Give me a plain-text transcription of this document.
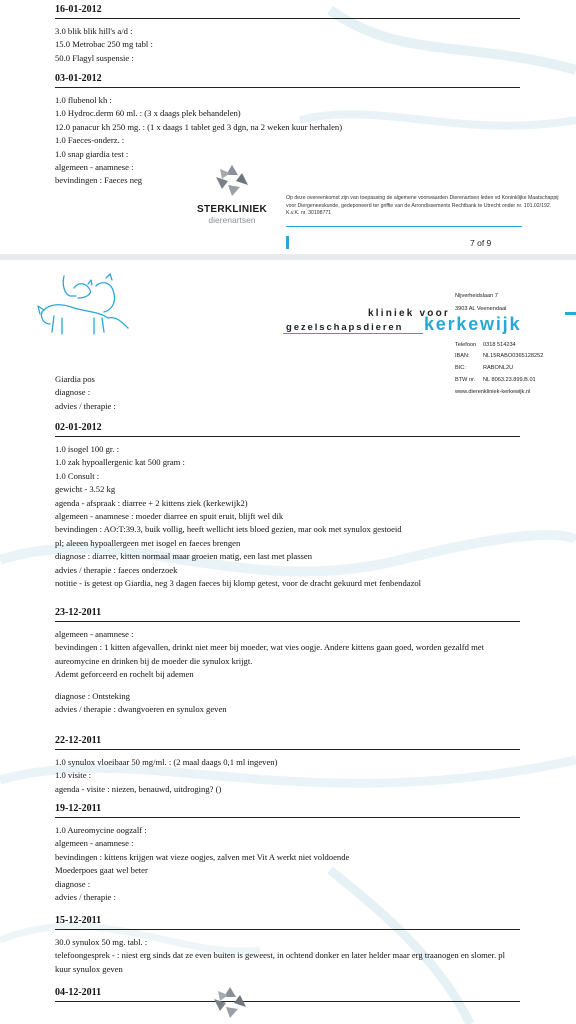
16-01-2012
3.0 blik blik hill's a/d :
15.0 Metrobac 250 mg tabl :
50.0 Flagyl suspensie :
03-01-2012
1.0 flubenol kh :
1.0 Hydroc.derm 60 ml. : (3 x daags plek behandelen)
12.0 panacur kh 250 mg. : (1 x daags 1 tablet ged 3 dgn, na 2 weken kuur herhalen)
1.0 Faeces-onderz. :
1.0 snap giardia test :
algemeen - anamnese :
bevindingen : Faeces neg
STERKLINIEK
dierenartsen
Op deze overeenkomst zijn van toepassing de algemene voorwaarden Dierenartsen leden vd Koninklijke Maatschappij voor Diergeneeskunde, gedeponeerd ter griffie van de Arrondissements Rechtbank te Utrecht onder nr. 101.02/192. K.v.K. nr. 30198771
7 of 9
kliniek voor
gezelschapsdieren kerkewijk
Nijverheidslaan 7
3903 AL Veenendaal
Telefoon 0318 514234
IBAN: NL15RABO0365128252
BIC:	RABONL2U
BTW nr. NL 8063.23.899.B.01
www.dierenkliniek-kerkewijk.nl
Giardia pos
diagnose :
advies / therapie :
02-01-2012
1.0 isogel 100 gr. :
1.0 zak hypoallergenic kat 500 gram :
1.0 Consult :
gewicht - 3.52 kg
agenda - afspraak : diarree + 2 kittens ziek (kerkewijk2)
algemeen - anamnese : moeder diarree en spuit eruit, blijft wel dik
bevindingen : AO:T:39.3, buik vollig, heeft wellicht iets bloed gezien, mar ook met synulox gestoeid
pl; aleeen hypoallergeen met isogel en faeces brengen
diagnose : diarree, kitten normaal maar groeien matig, een last met plassen
advies / therapie : faeces onderzoek
notitie - is getest op Giardia, neg 3 dagen faeces bij klomp getest, voor de dracht gekuurd met fenbendazol
23-12-2011
algemeen - anamnese :
bevindingen : 1 kitten afgevallen, drinkt niet meer bij moeder, wat vies oogje. Andere kittens gaan goed, worden gezalfd met aureomycine en drinken bij de moeder die synulox krijgt.
Ademt geforceerd en rochelt bij ademen
diagnose : Ontsteking
advies / therapie : dwangvoeren en synulox geven
22-12-2011
1.0 synulox vloeibaar 50 mg/ml. : (2 maal daags 0,1 ml ingeven)
1.0 visite :
agenda - visite : niezen, benauwd, uitdroging? ()
19-12-2011
1.0 Aureomycine oogzalf :
algemeen - anamnese :
bevindingen : kittens krijgen wat vieze oogjes, zalven met Vit A werkt niet voldoende
Moederpoes gaat wel beter
diagnose :
advies / therapie :
15-12-2011
30.0 synulox 50 mg. tabl. :
telefoongesprek - : niest erg sinds dat ze even buiten is geweest, in ochtend donker en later helder maar erg traanogen en slomer. pl kuur synulox geven
04-12-2011
